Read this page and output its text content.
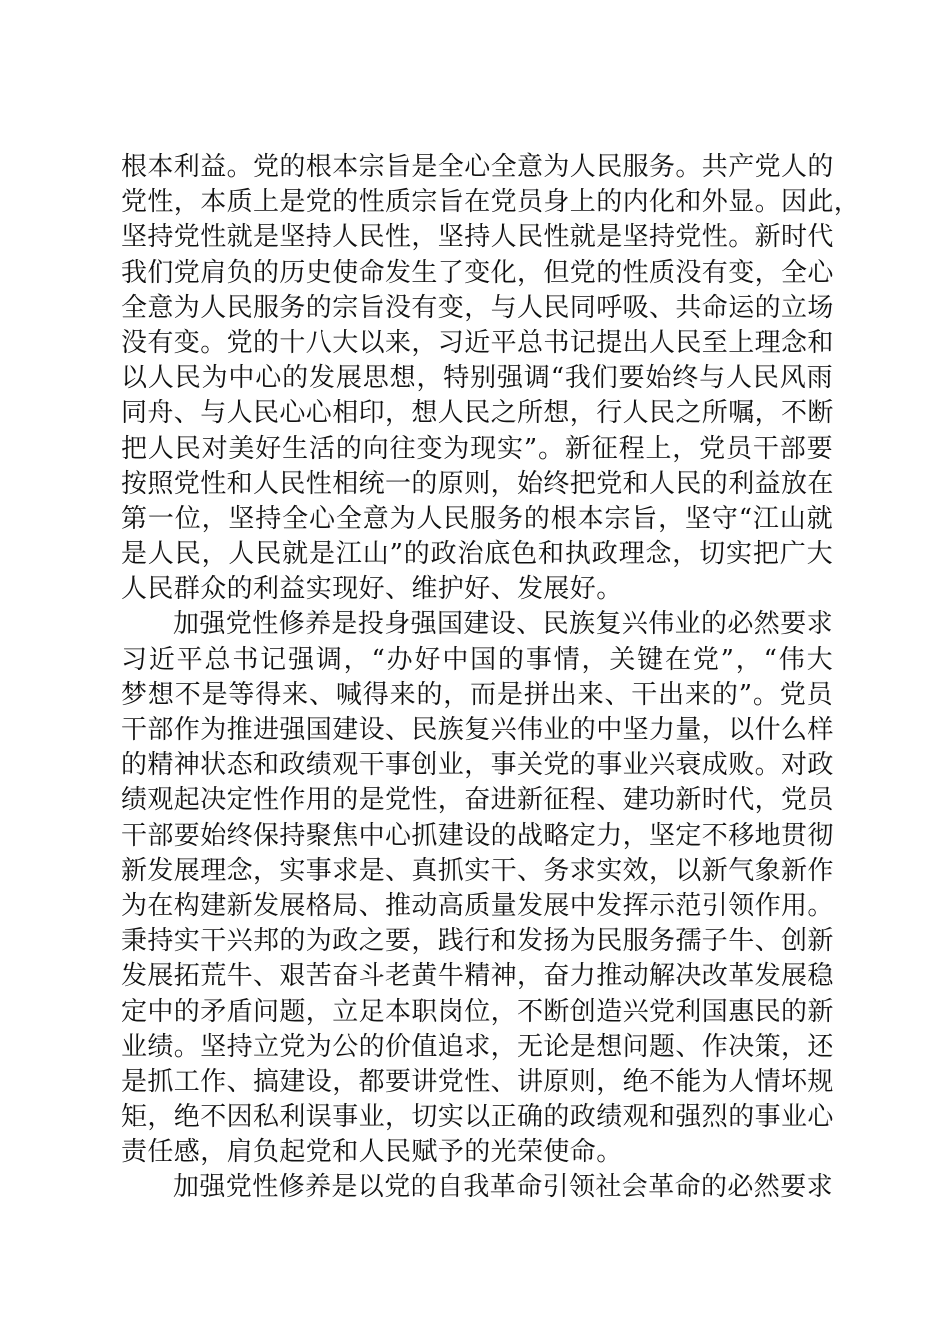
根本利益。党的根本宗旨是全心全意为人民服务。共产党人的
党性，本质上是党的性质宗旨在党员身上的内化和外显。因此，
坚持党性就是坚持人民性，坚持人民性就是坚持党性。新时代
我们党肩负的历史使命发生了变化，但党的性质没有变，全心
全意为人民服务的宗旨没有变，与人民同呼吸、共命运的立场
没有变。党的十八大以来，习近平总书记提出人民至上理念和
以人民为中心的发展思想，特别强调“我们要始终与人民风雨
同舟、与人民心心相印，想人民之所想，行人民之所嘱，不断
把人民对美好生活的向往变为现实”。新征程上，党员干部要
按照党性和人民性相统一的原则，始终把党和人民的利益放在
第一位，坚持全心全意为人民服务的根本宗旨，坚守“江山就
是人民，人民就是江山”的政治底色和执政理念，切实把广大
人民群众的利益实现好、维护好、发展好。
加强党性修养是投身强国建设、民族复兴伟业的必然要求
习近平总书记强调，“办好中国的事情，关键在党”，“伟大
梦想不是等得来、喊得来的，而是拼出来、干出来的”。党员
干部作为推进强国建设、民族复兴伟业的中坚力量，以什么样
的精神状态和政绩观干事创业，事关党的事业兴衰成败。对政
绩观起决定性作用的是党性，奋进新征程、建功新时代，党员
干部要始终保持聚焦中心抓建设的战略定力，坚定不移地贯彻
新发展理念，实事求是、真抓实干、务求实效，以新气象新作
为在构建新发展格局、推动高质量发展中发挥示范引领作用。
秉持实干兴邦的为政之要，践行和发扬为民服务孺子牛、创新
发展拓荒牛、艰苦奋斗老黄牛精神，奋力推动解决改革发展稳
定中的矛盾问题，立足本职岗位，不断创造兴党利国惠民的新
业绩。坚持立党为公的价值追求，无论是想问题、作决策，还
是抓工作、搞建设，都要讲党性、讲原则，绝不能为人情坏规
矩，绝不因私利误事业，切实以正确的政绩观和强烈的事业心
责任感，肩负起党和人民赋予的光荣使命。
加强党性修养是以党的自我革命引领社会革命的必然要求
